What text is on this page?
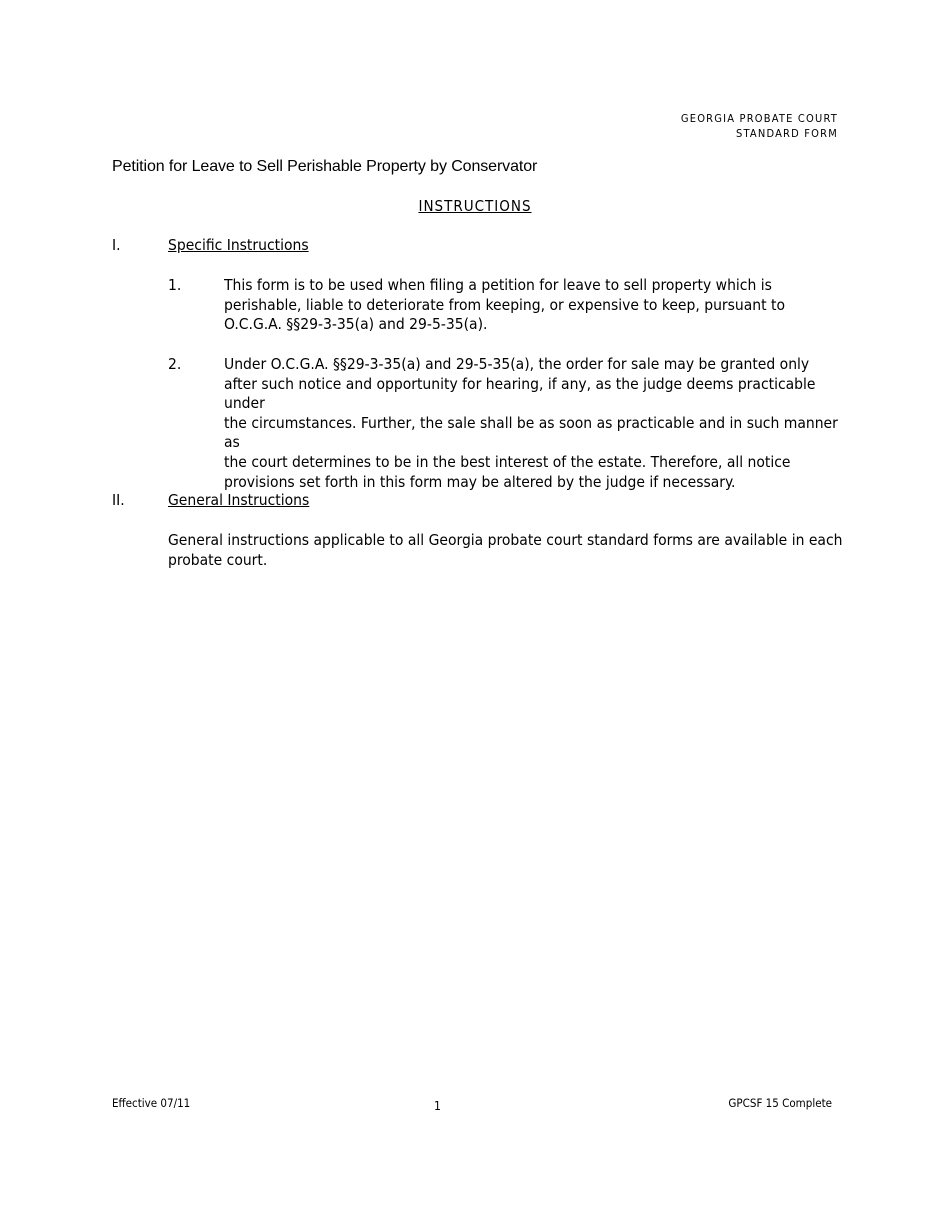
GEORGIA PROBATE COURT
STANDARD FORM
Petition for Leave to Sell Perishable Property by Conservator
INSTRUCTIONS
I.	Specific Instructions
1.	This form is to be used when filing a petition for leave to sell property which is
perishable, liable to deteriorate from keeping, or expensive to keep, pursuant to
O.C.G.A. §§29-3-35(a) and 29-5-35(a).
2.	Under O.C.G.A. §§29-3-35(a) and 29-5-35(a), the order for sale may be granted only
after such notice and opportunity for hearing, if any, as the judge deems practicable under
the circumstances. Further, the sale shall be as soon as practicable and in such manner as
the court determines to be in the best interest of the estate. Therefore, all notice
provisions set forth in this form may be altered by the judge if necessary.
II.	General Instructions
General instructions applicable to all Georgia probate court standard forms are available in each
probate court.
Effective 07/11	1	GPCSF 15 Complete
